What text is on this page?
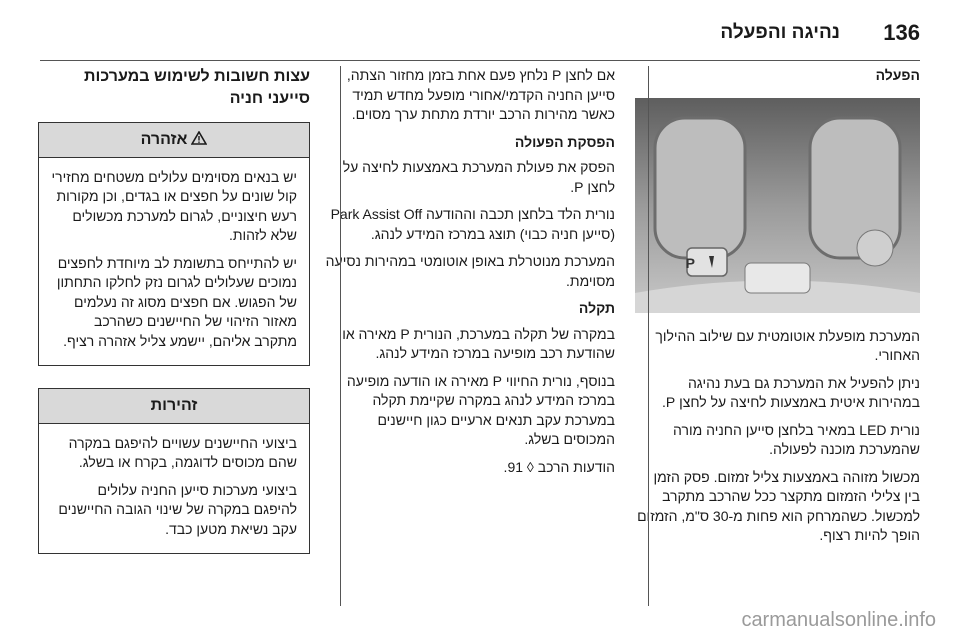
136
נהיגה והפעלה
הפעלה
P

המערכת מופעלת אוטומטית עם שילוב ההילוך האחורי.

ניתן להפעיל את המערכת גם בעת נהיגה במהירות איטית באמצעות לחיצה על לחצן P.

נורית LED במאיר בלחצן סייען החניה מורה שהמערכת מוכנה לפעולה.

מכשול מזוהה באמצעות צליל זמזום. פסק הזמן בין צלילי הזמזום מתקצר ככל שהרכב מתקרב למכשול. כשהמרחק הוא פחות מ-30 ס"מ, הזמזום הופך להיות רצוף.

אם לחצן P נלחץ פעם אחת בזמן מחזור הצתה, סייען החניה הקדמי/אחורי מופעל מחדש תמיד כאשר מהירות הרכב יורדת מתחת ערך מסוים.

הפסקת הפעולה

הפסק את פעולת המערכת באמצעות לחיצה על לחצן P.

נורית הלד בלחצן תכבה וההודעה Park Assist Off (סייען חניה כבוי) תוצג במרכז המידע לנהג.

המערכת מנוטרלת באופן אוטומטי במהירות נסיעה מסוימת.

תקלה

במקרה של תקלה במערכת, הנורית P מאירה או שהודעת רכב מופיעה במרכז המידע לנהג.

בנוסף, נורית החיווי P מאירה או הודעה מופיעה במרכז המידע לנהג במקרה שקיימת תקלה במערכת עקב תנאים ארעיים כגון חיישנים המכוסים בשלג.

הודעות הרכב ◊ 91.

עצות חשובות לשימוש במערכות
סייעני חניה
אזהרה

יש בנאים מסוימים עלולים משטחים מחזירי קול שונים על חפצים או בגדים, וכן מקורות רעש חיצוניים, לגרום למערכת מכשולים שלא לזהות.

יש להתייחס בתשומת לב מיוחדת לחפצים נמוכים שעלולים לגרום נזק לחלקו התחתון של הפגוש. אם חפצים מסוג זה נעלמים מאזור הזיהוי של החיישנים כשהרכב מתקרב אליהם, יישמע צליל אזהרה רציף.

זהירות

ביצועי החיישנים עשויים להיפגם במקרה שהם מכוסים לדוגמה, בקרח או בשלג.

ביצועי מערכות סייען החניה עלולים להיפגם במקרה של שינוי הגובה החיישנים עקב נשיאת מטען כבד.

carmanualsonline.info
